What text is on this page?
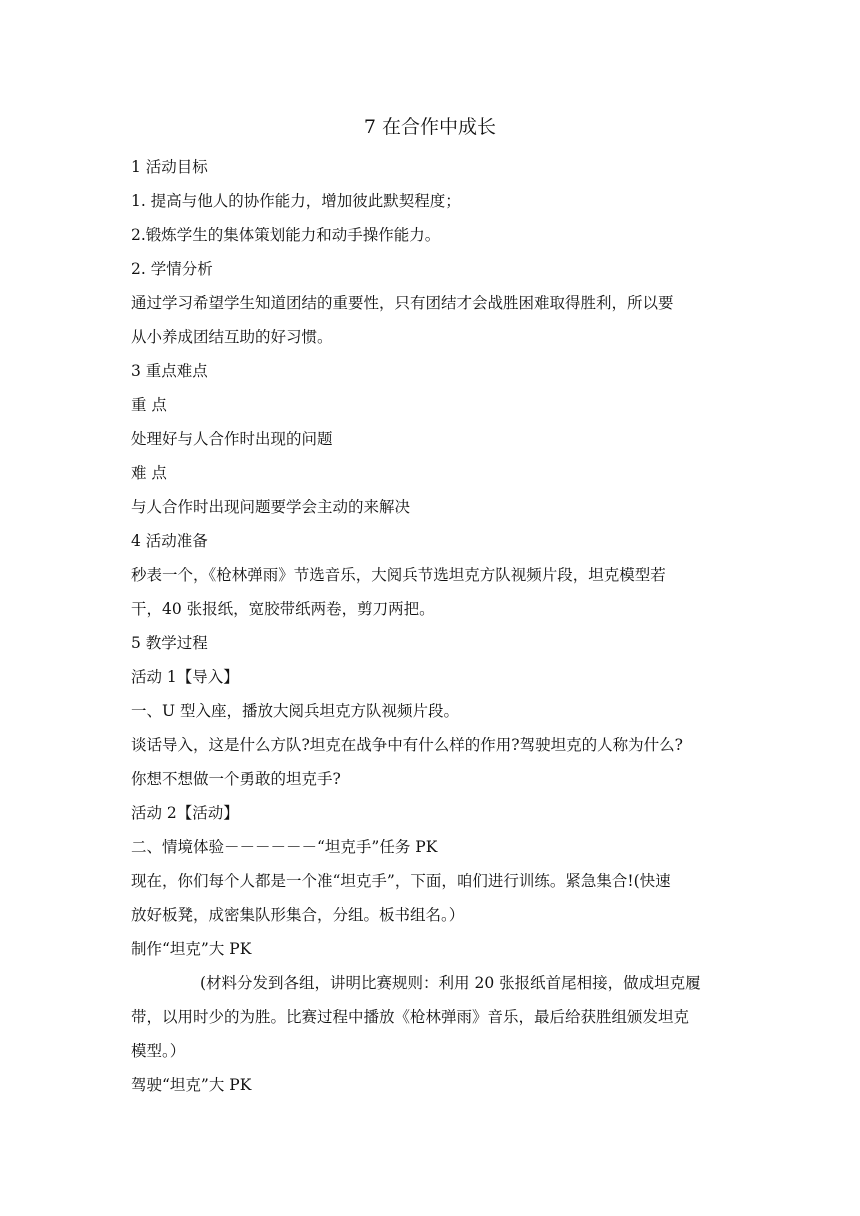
7 在合作中成长
1 活动目标
1. 提高与他人的协作能力，增加彼此默契程度；
2.锻炼学生的集体策划能力和动手操作能力。
2. 学情分析
通过学习希望学生知道团结的重要性，只有团结才会战胜困难取得胜利，所以要
从小养成团结互助的好习惯。
3 重点难点
重 点
处理好与人合作时出现的问题
难 点
与人合作时出现问题要学会主动的来解决
4 活动准备
秒表一个，《枪林弹雨》节选音乐，大阅兵节选坦克方队视频片段，坦克模型若
干，40 张报纸，宽胶带纸两卷，剪刀两把。
5 教学过程
活动 1【导入】
一、U 型入座，播放大阅兵坦克方队视频片段。
谈话导入，这是什么方队?坦克在战争中有什么样的作用?驾驶坦克的人称为什么?
你想不想做一个勇敢的坦克手?
活动 2【活动】
二、情境体验－－－－－－“坦克手”任务 PK
现在，你们每个人都是一个准“坦克手”，下面，咱们进行训练。紧急集合!(快速
放好板凳，成密集队形集合，分组。板书组名。）
制作“坦克”大 PK
(材料分发到各组，讲明比赛规则：利用 20 张报纸首尾相接，做成坦克履
带，以用时少的为胜。比赛过程中播放《枪林弹雨》音乐，最后给获胜组颁发坦克
模型。）
驾驶“坦克”大 PK
